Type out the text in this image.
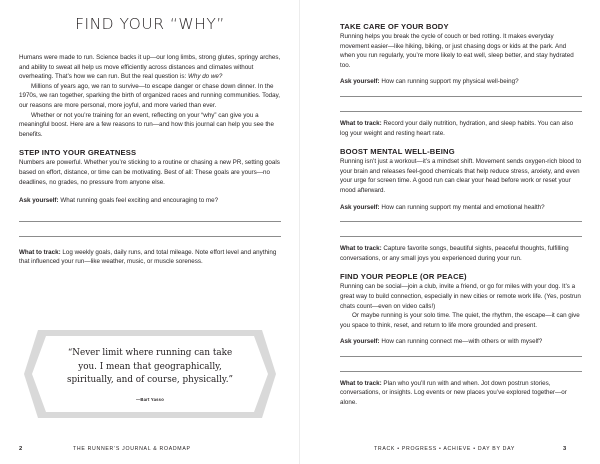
FIND YOUR “WHY”

Humans were made to run. Science backs it up—our long limbs, strong glutes, springy arches, and ability to sweat all help us move efficiently across distances and climates without overheating. That’s how we can run. But the real question is: Why do we?

Millions of years ago, we ran to survive—to escape danger or chase down dinner. In the 1970s, we ran together, sparking the birth of organized races and running communities. Today, our reasons are more personal, more joyful, and more varied than ever.

Whether or not you’re training for an event, reflecting on your “why” can give you a meaningful boost. Here are a few reasons to run—and how this journal can help you see the benefits.

STEP INTO YOUR GREATNESS

Numbers are powerful. Whether you’re sticking to a routine or chasing a new PR, setting goals based on effort, distance, or time can be motivating. Best of all: These goals are yours—no deadlines, no grades, no pressure from anyone else.

Ask yourself: What running goals feel exciting and encouraging to me?

What to track: Log weekly goals, daily runs, and total mileage. Note effort level and anything that influenced your run—like weather, music, or muscle soreness.

“Never limit where running can take you. I mean that geographically, spiritually, and of course, physically.”
—Bart Yasso
2	THE RUNNER’S JOURNAL & ROADMAP
TAKE CARE OF YOUR BODY

Running helps you break the cycle of couch or bed rotting. It makes everyday movement easier—like hiking, biking, or just chasing dogs or kids at the park. And when you run regularly, you’re more likely to eat well, sleep better, and stay hydrated too.

Ask yourself: How can running support my physical well-being?

What to track: Record your daily nutrition, hydration, and sleep habits. You can also log your weight and resting heart rate.

BOOST MENTAL WELL-BEING

Running isn’t just a workout—it’s a mindset shift. Movement sends oxygen-rich blood to your brain and releases feel-good chemicals that help reduce stress, anxiety, and even your urge for screen time. A good run can clear your head before work or reset your mood afterward.

Ask yourself: How can running support my mental and emotional health?

What to track: Capture favorite songs, beautiful sights, peaceful thoughts, fulfilling conversations, or any small joys you experienced during your run.

FIND YOUR PEOPLE (OR PEACE)

Running can be social—join a club, invite a friend, or go for miles with your dog. It’s a great way to build connection, especially in new cities or remote work life. (Yes, postrun chats count—even on video calls!)

Or maybe running is your solo time. The quiet, the rhythm, the escape—it can give you space to think, reset, and return to life more grounded and present.

Ask yourself: How can running connect me—with others or with myself?

What to track: Plan who you’ll run with and when. Jot down postrun stories, conversations, or insights. Log events or new places you’ve explored together—or alone.

TRACK • PROGRESS • ACHIEVE • DAY BY DAY	3
